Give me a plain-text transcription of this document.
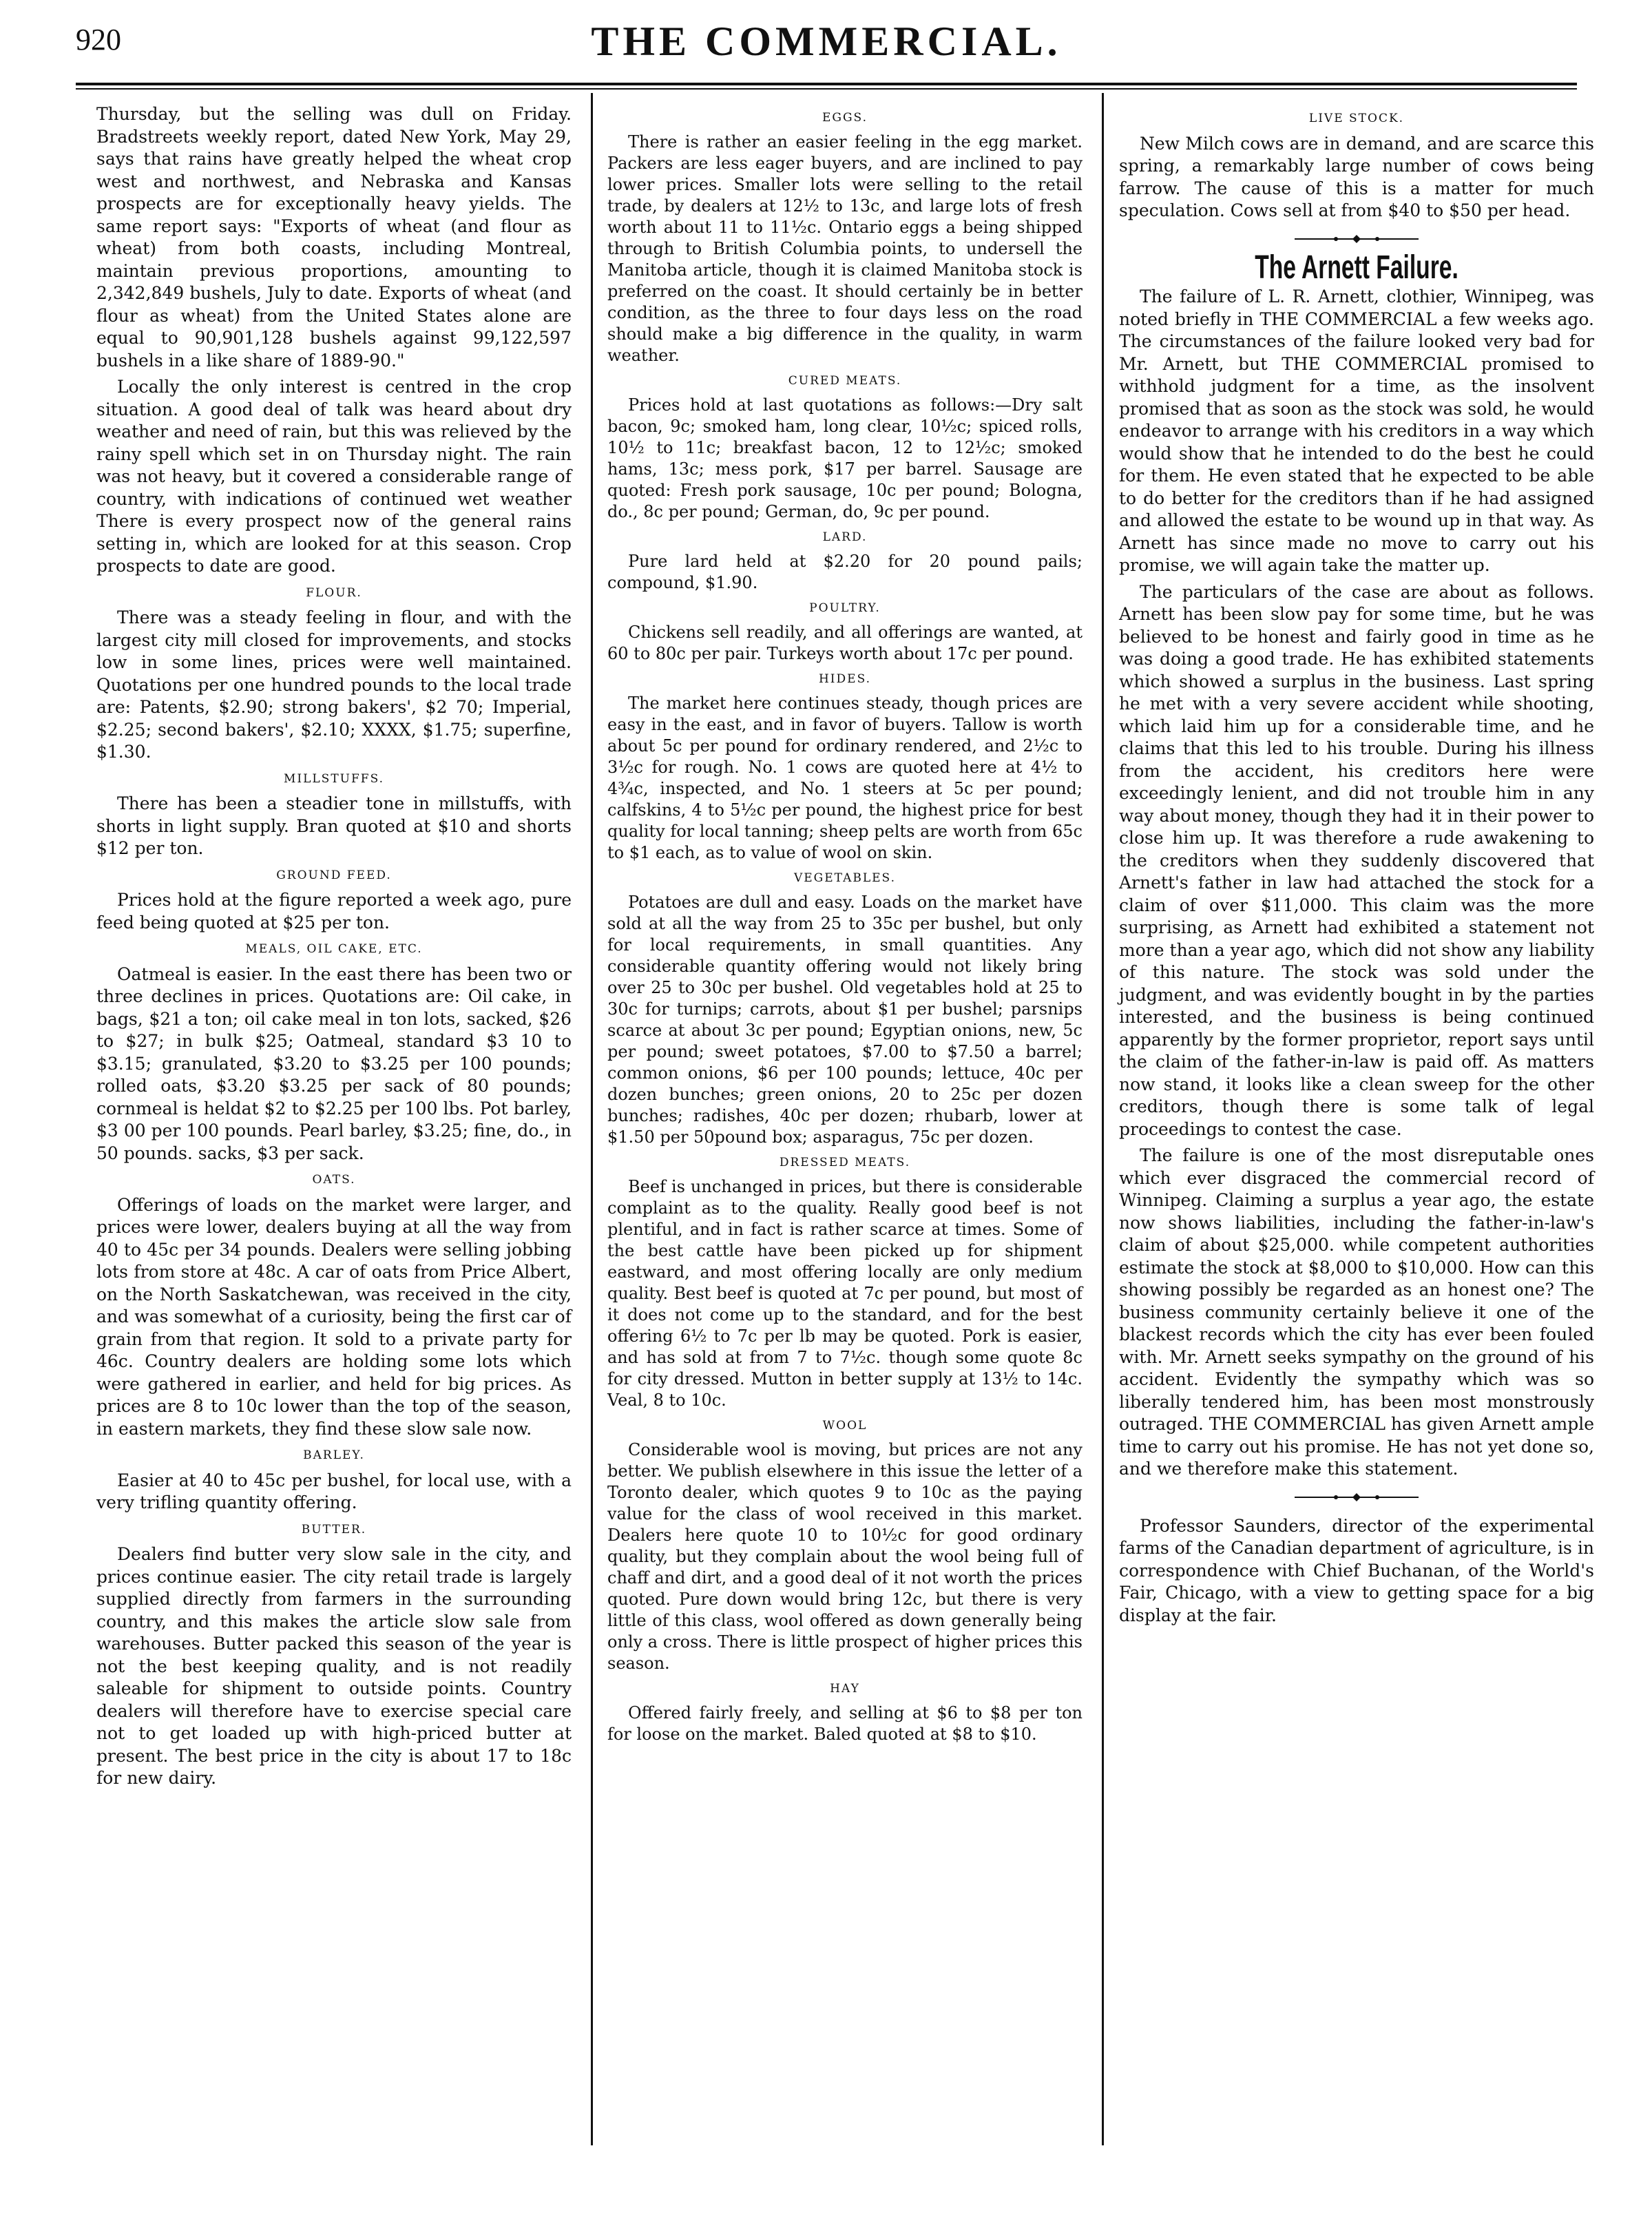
920	THE COMMERCIAL.

Thursday, but the selling was dull on Friday. Bradstreets weekly report, dated New York, May 29, says that rains have greatly helped the wheat crop west and northwest, and Nebraska and Kansas prospects are for exceptionally heavy yields. The same report says: "Exports of wheat (and flour as wheat) from both coasts, including Montreal, maintain previous proportions, amounting to 2,342,849 bushels, July to date. Exports of wheat (and flour as wheat) from the United States alone are equal to 90,901,128 bushels against 99,122,597 bushels in a like share of 1889-90."

Locally the only interest is centred in the crop situation. A good deal of talk was heard about dry weather and need of rain, but this was relieved by the rainy spell which set in on Thursday night. The rain was not heavy, but it covered a considerable range of country, with indications of continued wet weather There is every prospect now of the general rains setting in, which are looked for at this season. Crop prospects to date are good.

FLOUR.

There was a steady feeling in flour, and with the largest city mill closed for improvements, and stocks low in some lines, prices were well maintained. Quotations per one hundred pounds to the local trade are: Patents, $2.90; strong bakers', $2 70; Imperial, $2.25; second bakers', $2.10; XXXX, $1.75; superfine, $1.30.

MILLSTUFFS.

There has been a steadier tone in millstuffs, with shorts in light supply. Bran quoted at $10 and shorts $12 per ton.

GROUND FEED.

Prices hold at the figure reported a week ago, pure feed being quoted at $25 per ton.

MEALS, OIL CAKE, ETC.

Oatmeal is easier. In the east there has been two or three declines in prices. Quotations are: Oil cake, in bags, $21 a ton; oil cake meal in ton lots, sacked, $26 to $27; in bulk $25; Oatmeal, standard $3 10 to $3.15; granulated, $3.20 to $3.25 per 100 pounds; rolled oats, $3.20 $3.25 per sack of 80 pounds; cornmeal is heldat $2 to $2.25 per 100 lbs. Pot barley, $3 00 per 100 pounds. Pearl barley, $3.25; fine, do., in 50 pounds. sacks, $3 per sack.

OATS.

Offerings of loads on the market were larger, and prices were lower, dealers buying at all the way from 40 to 45c per 34 pounds. Dealers were selling jobbing lots from store at 48c. A car of oats from Price Albert, on the North Saskatchewan, was received in the city, and was somewhat of a curiosity, being the first car of grain from that region. It sold to a private party for 46c. Country dealers are holding some lots which were gathered in earlier, and held for big prices. As prices are 8 to 10c lower than the top of the season, in eastern markets, they find these slow sale now.

BARLEY.

Easier at 40 to 45c per bushel, for local use, with a very trifling quantity offering.

BUTTER.

Dealers find butter very slow sale in the city, and prices continue easier. The city retail trade is largely supplied directly from farmers in the surrounding country, and this makes the article slow sale from warehouses. Butter packed this season of the year is not the best keeping quality, and is not readily saleable for shipment to outside points. Country dealers will therefore have to exercise special care not to get loaded up with high-priced butter at present. The best price in the city is about 17 to 18c for new dairy.

EGGS.

There is rather an easier feeling in the egg market. Packers are less eager buyers, and are inclined to pay lower prices. Smaller lots were selling to the retail trade, by dealers at 12½ to 13c, and large lots of fresh worth about 11 to 11½c. Ontario eggs a being shipped through to British Columbia points, to undersell the Manitoba article, though it is claimed Manitoba stock is preferred on the coast. It should certainly be in better condition, as the three to four days less on the road should make a big difference in the quality, in warm weather.

CURED MEATS.

Prices hold at last quotations as follows:—Dry salt bacon, 9c; smoked ham, long clear, 10½c; spiced rolls, 10½ to 11c; breakfast bacon, 12 to 12½c; smoked hams, 13c; mess pork, $17 per barrel. Sausage are quoted: Fresh pork sausage, 10c per pound; Bologna, do., 8c per pound; German, do, 9c per pound.

LARD.

Pure lard held at $2.20 for 20 pound pails; compound, $1.90.

POULTRY.

Chickens sell readily, and all offerings are wanted, at 60 to 80c per pair. Turkeys worth about 17c per pound.

HIDES.

The market here continues steady, though prices are easy in the east, and in favor of buyers. Tallow is worth about 5c per pound for ordinary rendered, and 2½c to 3½c for rough. No. 1 cows are quoted here at 4½ to 4¾c, inspected, and No. 1 steers at 5c per pound; calfskins, 4 to 5½c per pound, the highest price for best quality for local tanning; sheep pelts are worth from 65c to $1 each, as to value of wool on skin.

VEGETABLES.

Potatoes are dull and easy. Loads on the market have sold at all the way from 25 to 35c per bushel, but only for local requirements, in small quantities. Any considerable quantity offering would not likely bring over 25 to 30c per bushel. Old vegetables hold at 25 to 30c for turnips; carrots, about $1 per bushel; parsnips scarce at about 3c per pound; Egyptian onions, new, 5c per pound; sweet potatoes, $7.00 to $7.50 a barrel; common onions, $6 per 100 pounds; lettuce, 40c per dozen bunches; green onions, 20 to 25c per dozen bunches; radishes, 40c per dozen; rhubarb, lower at $1.50 per 50pound box; asparagus, 75c per dozen.

DRESSED MEATS.

Beef is unchanged in prices, but there is considerable complaint as to the quality. Really good beef is not plentiful, and in fact is rather scarce at times. Some of the best cattle have been picked up for shipment eastward, and most offering locally are only medium quality. Best beef is quoted at 7c per pound, but most of it does not come up to the standard, and for the best offering 6½ to 7c per lb may be quoted. Pork is easier, and has sold at from 7 to 7½c. though some quote 8c for city dressed. Mutton in better supply at 13½ to 14c. Veal, 8 to 10c.

WOOL

Considerable wool is moving, but prices are not any better. We publish elsewhere in this issue the letter of a Toronto dealer, which quotes 9 to 10c as the paying value for the class of wool received in this market. Dealers here quote 10 to 10½c for good ordinary quality, but they complain about the wool being full of chaff and dirt, and a good deal of it not worth the prices quoted. Pure down would bring 12c, but there is very little of this class, wool offered as down generally being only a cross. There is little prospect of higher prices this season.

HAY

Offered fairly freely, and selling at $6 to $8 per ton for loose on the market. Baled quoted at $8 to $10.

LIVE STOCK.

New Milch cows are in demand, and are scarce this spring, a remarkably large number of cows being farrow. The cause of this is a matter for much speculation. Cows sell at from $40 to $50 per head.

The Arnett Failure.

The failure of L. R. Arnett, clothier, Winnipeg, was noted briefly in THE COMMERCIAL a few weeks ago. The circumstances of the failure looked very bad for Mr. Arnett, but THE COMMERCIAL promised to withhold judgment for a time, as the insolvent promised that as soon as the stock was sold, he would endeavor to arrange with his creditors in a way which would show that he intended to do the best he could for them. He even stated that he expected to be able to do better for the creditors than if he had assigned and allowed the estate to be wound up in that way. As Arnett has since made no move to carry out his promise, we will again take the matter up.

The particulars of the case are about as follows. Arnett has been slow pay for some time, but he was believed to be honest and fairly good in time as he was doing a good trade. He has exhibited statements which showed a surplus in the business. Last spring he met with a very severe accident while shooting, which laid him up for a considerable time, and he claims that this led to his trouble. During his illness from the accident, his creditors here were exceedingly lenient, and did not trouble him in any way about money, though they had it in their power to close him up. It was therefore a rude awakening to the creditors when they suddenly discovered that Arnett's father in law had attached the stock for a claim of over $11,000. This claim was the more surprising, as Arnett had exhibited a statement not more than a year ago, which did not show any liability of this nature. The stock was sold under the judgment, and was evidently bought in by the parties interested, and the business is being continued apparently by the former proprietor, report says until the claim of the father-in-law is paid off. As matters now stand, it looks like a clean sweep for the other creditors, though there is some talk of legal proceedings to contest the case.

The failure is one of the most disreputable ones which ever disgraced the commercial record of Winnipeg. Claiming a surplus a year ago, the estate now shows liabilities, including the father-in-law's claim of about $25,000. while competent authorities estimate the stock at $8,000 to $10,000. How can this showing possibly be regarded as an honest one? The business community certainly believe it one of the blackest records which the city has ever been fouled with. Mr. Arnett seeks sympathy on the ground of his accident. Evidently the sympathy which was so liberally tendered him, has been most monstrously outraged. THE COMMERCIAL has given Arnett ample time to carry out his promise. He has not yet done so, and we therefore make this statement.

Professor Saunders, director of the experimental farms of the Canadian department of agriculture, is in correspondence with Chief Buchanan, of the World's Fair, Chicago, with a view to getting space for a big display at the fair.
